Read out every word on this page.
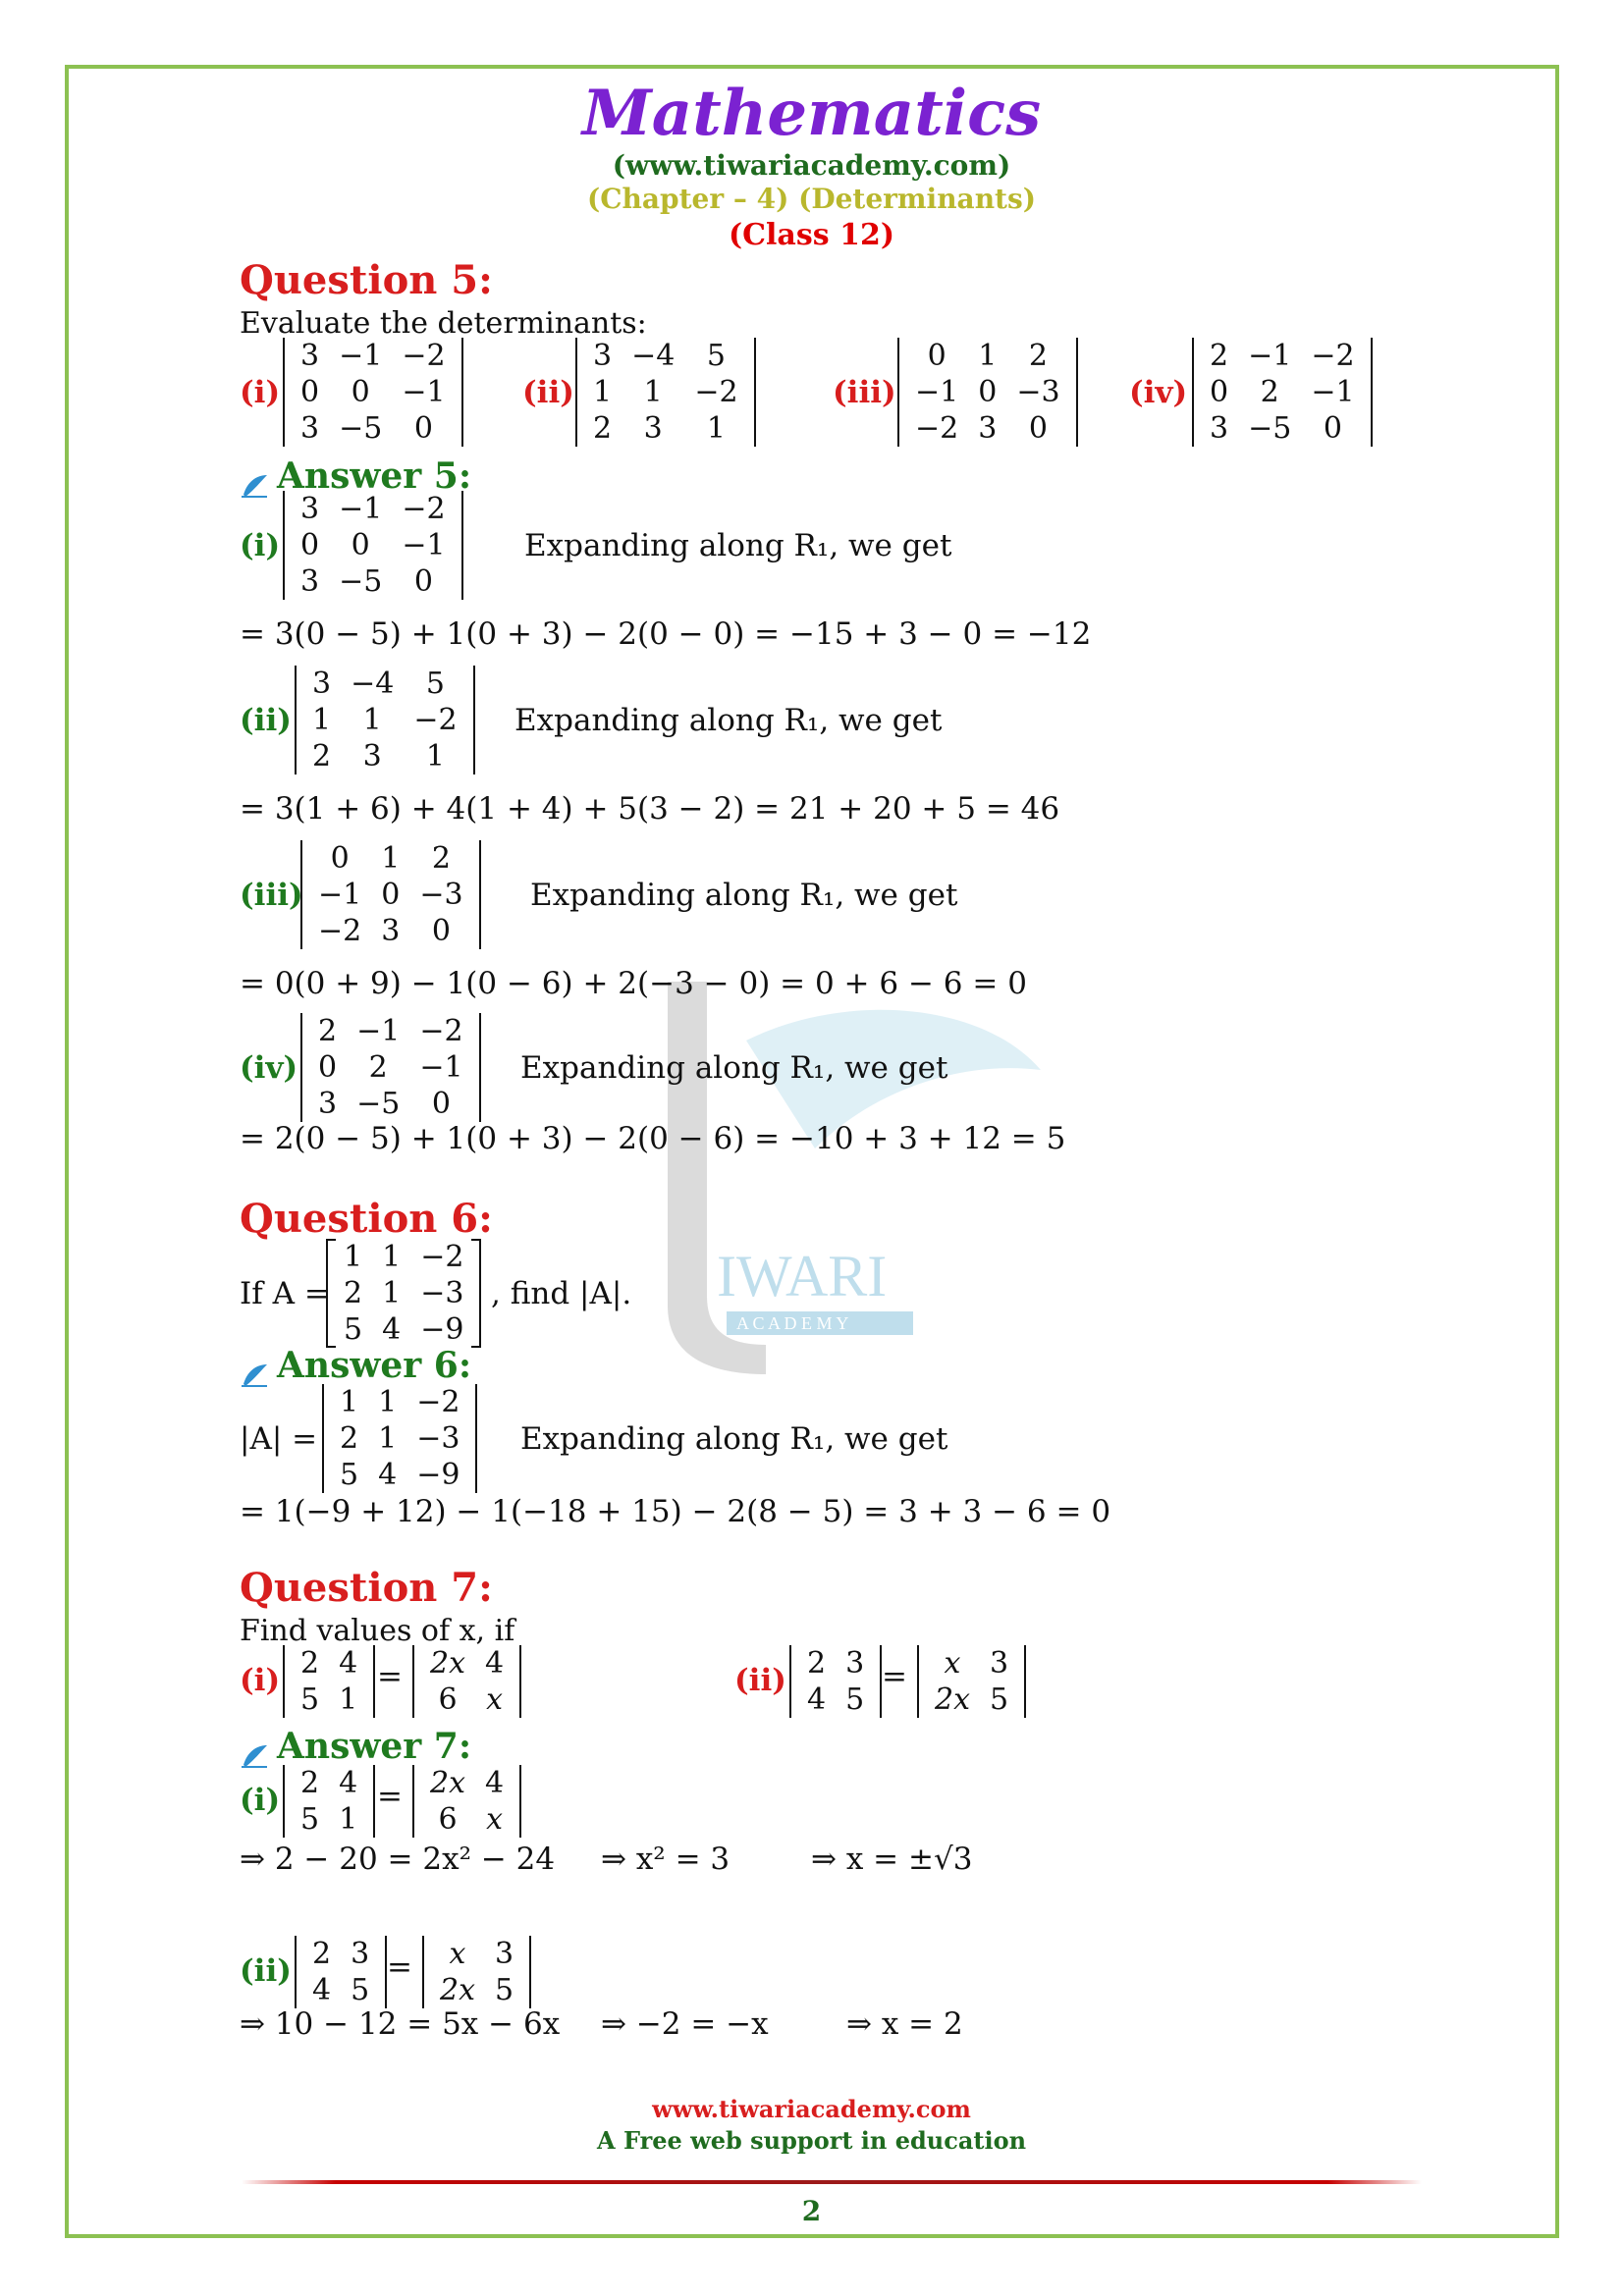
IWARI
A C A D E M Y
Mathematics
(www.tiwariacademy.com)
(Chapter – 4) (Determinants)
(Class 12)
Question 5:
Evaluate the determinants:
(i)
3	−1	−2
0	0	−1
3	−5	0
(ii)
3	−4	5
1	1	−2
2	3	1
(iii)
0	1	2
−1	0	−3
−2	3	0
(iv)
2	−1	−2
0	2	−1
3	−5	0
Answer 5:
(i)
3	−1	−2
0	0	−1
3	−5	0
Expanding along R₁, we get
= 3(0 − 5) + 1(0 + 3) − 2(0 − 0) = −15 + 3 − 0 = −12
(ii)
3	−4	5
1	1	−2
2	3	1
Expanding along R₁, we get
= 3(1 + 6) + 4(1 + 4) + 5(3 − 2) = 21 + 20 + 5 = 46
(iii)
0	1	2
−1	0	−3
−2	3	0
Expanding along R₁, we get
= 0(0 + 9) − 1(0 − 6) + 2(−3 − 0) = 0 + 6 − 6 = 0
(iv)
2	−1	−2
0	2	−1
3	−5	0
Expanding along R₁, we get
= 2(0 − 5) + 1(0 + 3) − 2(0 − 6) = −10 + 3 + 12 = 5
Question 6:
If A =
1	1	−2
2	1	−3
5	4	−9
, find |A|.
Answer 6:
|A| =
1	1	−2
2	1	−3
5	4	−9
Expanding along R₁, we get
= 1(−9 + 12) − 1(−18 + 15) − 2(8 − 5) = 3 + 3 − 6 = 0
Question 7:
Find values of x, if
(i) 2	4
5	1
= 2x	4
6	x
(ii) 2	3
4	5
= x	3
2x	5
Answer 7:
(i) 2	4
5	1
= 2x	4
6	x
⇒ 2 − 20 = 2x² − 24 ⇒ x² = 3	⇒ x = ±√3
(ii) 2	3
4	5
= x	3
2x	5
⇒ 10 − 12 = 5x − 6x ⇒ −2 = −x	⇒ x = 2
www.tiwariacademy.com
A Free web support in education
2
